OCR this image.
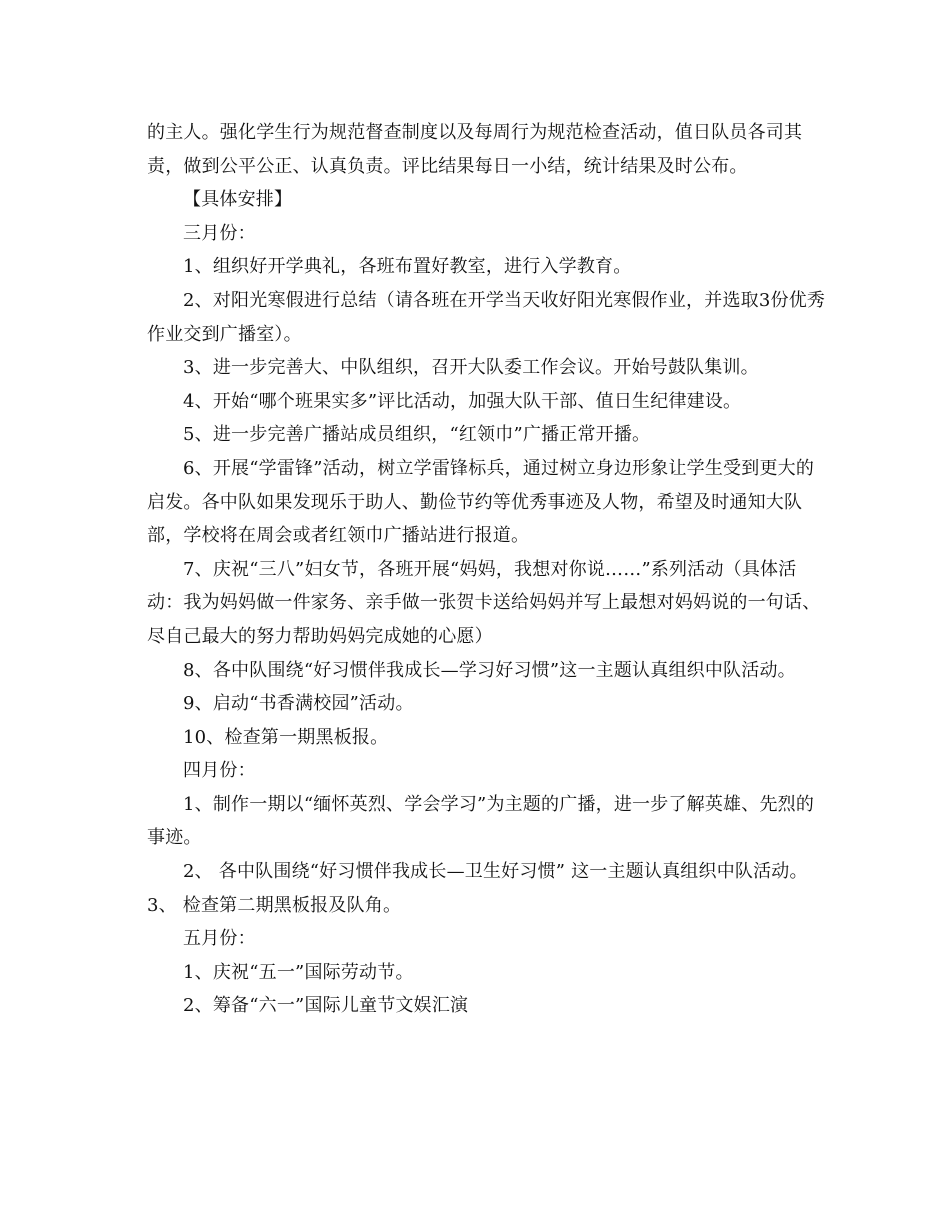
的主人。强化学生行为规范督查制度以及每周行为规范检查活动，值日队员各司其责，做到公平公正、认真负责。评比结果每日一小结，统计结果及时公布。

【具体安排】

三月份：

1、组织好开学典礼，各班布置好教室，进行入学教育。

2、对阳光寒假进行总结（请各班在开学当天收好阳光寒假作业，并选取3份优秀作业交到广播室）。

3、进一步完善大、中队组织，召开大队委工作会议。开始号鼓队集训。

4、开始“哪个班果实多”评比活动，加强大队干部、值日生纪律建设。

5、进一步完善广播站成员组织，“红领巾”广播正常开播。

6、开展“学雷锋”活动，树立学雷锋标兵，通过树立身边形象让学生受到更大的启发。各中队如果发现乐于助人、勤俭节约等优秀事迹及人物，希望及时通知大队部，学校将在周会或者红领巾广播站进行报道。

7、庆祝“三八”妇女节，各班开展“妈妈，我想对你说……”系列活动（具体活动：我为妈妈做一件家务、亲手做一张贺卡送给妈妈并写上最想对妈妈说的一句话、尽自己最大的努力帮助妈妈完成她的心愿）

8、各中队围绕“好习惯伴我成长—学习好习惯”这一主题认真组织中队活动。

9、启动“书香满校园”活动。

10、检查第一期黑板报。

四月份：

1、制作一期以“缅怀英烈、学会学习”为主题的广播，进一步了解英雄、先烈的事迹。

2、 各中队围绕“好习惯伴我成长—卫生好习惯” 这一主题认真组织中队活动。 3、 检查第二期黑板报及队角。

五月份：

1、庆祝“五一”国际劳动节。

2、筹备“六一”国际儿童节文娱汇演
